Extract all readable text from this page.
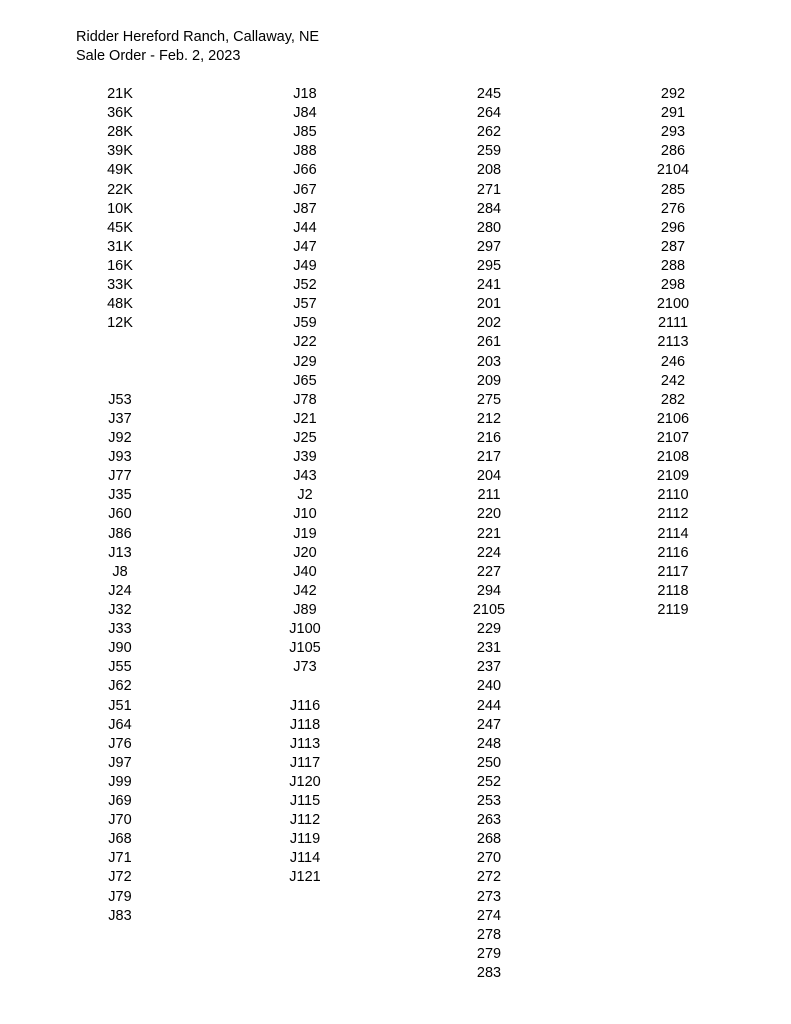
Ridder Hereford Ranch, Callaway, NE
Sale Order - Feb. 2, 2023
21K
36K
28K
39K
49K
22K
10K
45K
31K
16K
33K
48K
12K
J53
J37
J92
J93
J77
J35
J60
J86
J13
J8
J24
J32
J33
J90
J55
J62
J51
J64
J76
J97
J99
J69
J70
J68
J71
J72
J79
J83
J18
J84
J85
J88
J66
J67
J87
J44
J47
J49
J52
J57
J59
J22
J29
J65
J78
J21
J25
J39
J43
J2
J10
J19
J20
J40
J42
J89
J100
J105
J73
J116
J118
J113
J117
J120
J115
J112
J119
J114
J121
245
264
262
259
208
271
284
280
297
295
241
201
202
261
203
209
275
212
216
217
204
211
220
221
224
227
294
2105
229
231
237
240
244
247
248
250
252
253
263
268
270
272
273
274
278
279
283
292
291
293
286
2104
285
276
296
287
288
298
2100
2111
2113
246
242
282
2106
2107
2108
2109
2110
2112
2114
2116
2117
2118
2119
